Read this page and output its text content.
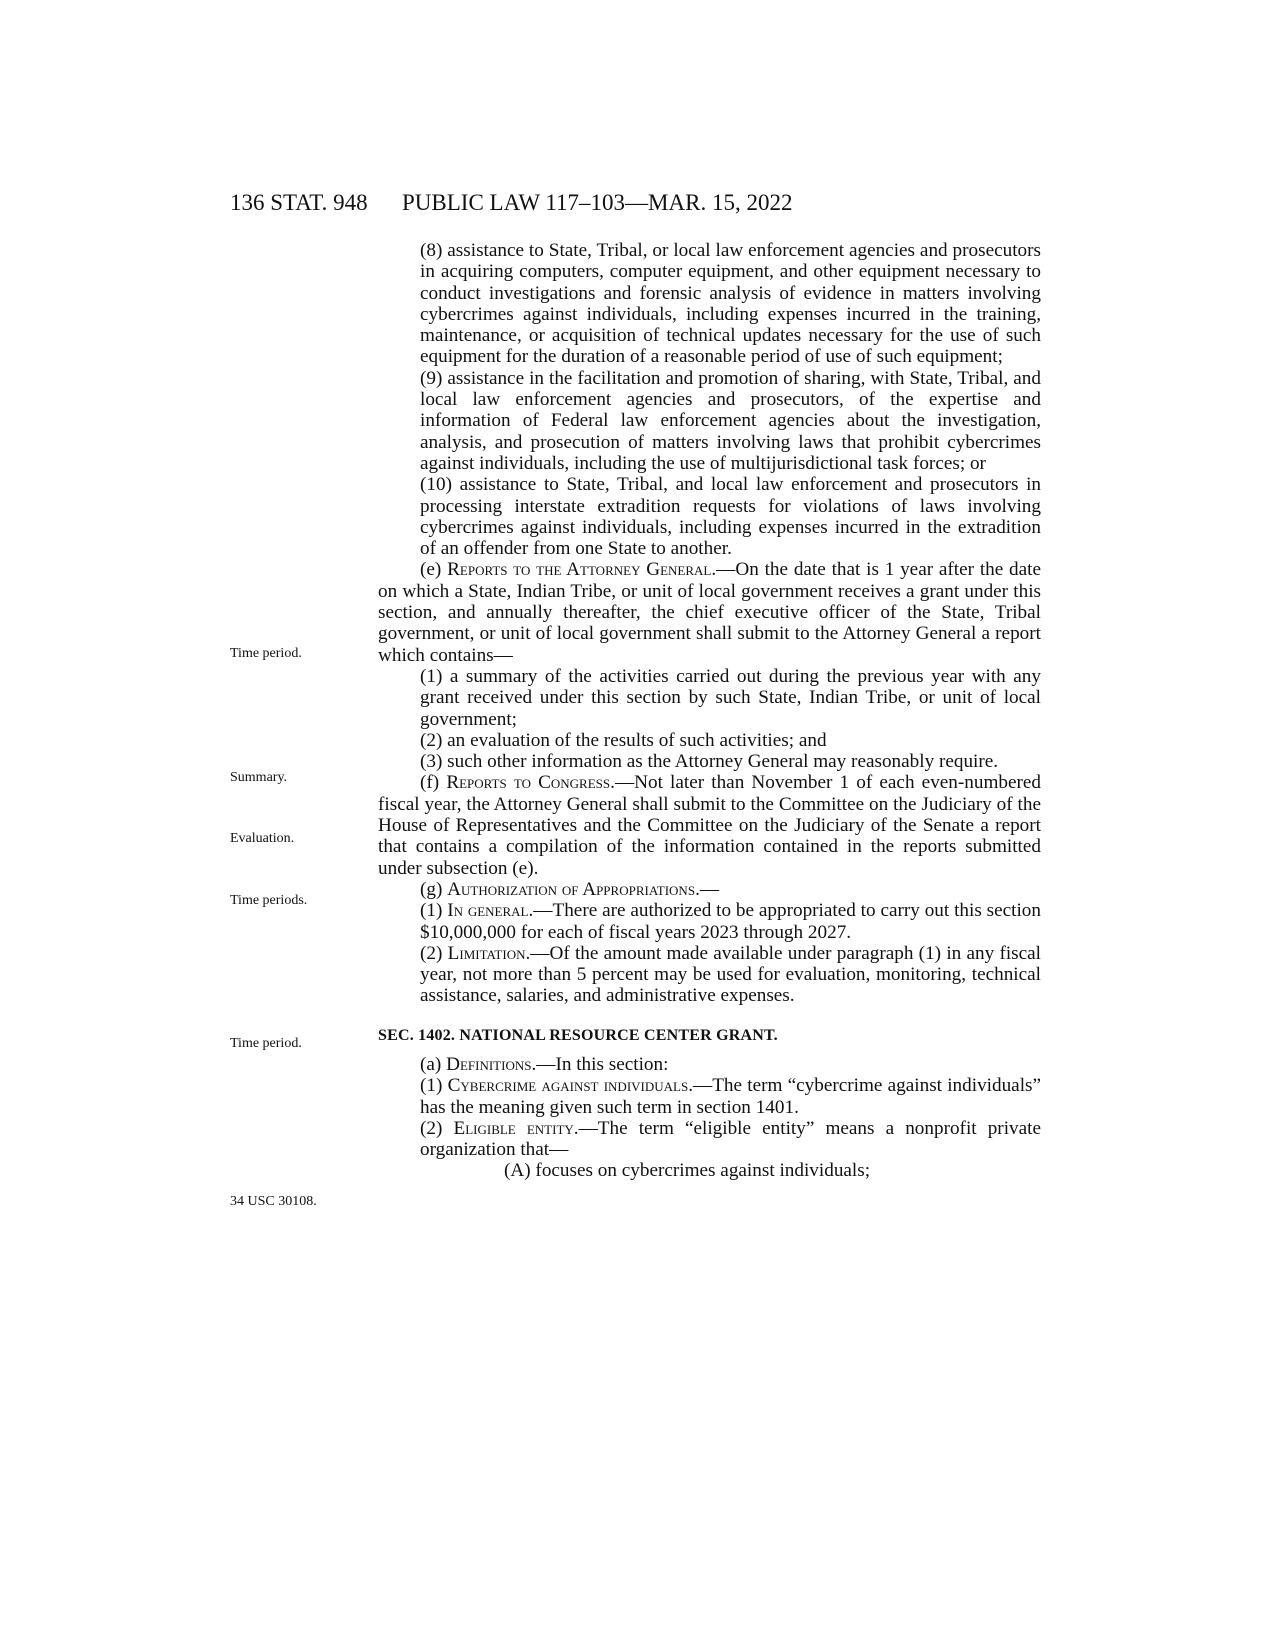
136 STAT. 948 PUBLIC LAW 117–103—MAR. 15, 2022
Time period.
Summary.
Evaluation.
Time periods.
Time period.
34 USC 30108.

(8) assistance to State, Tribal, or local law enforcement agencies and prosecutors in acquiring computers, computer equipment, and other equipment necessary to conduct investigations and forensic analysis of evidence in matters involving cybercrimes against individuals, including expenses incurred in the training, maintenance, or acquisition of technical updates necessary for the use of such equipment for the duration of a reasonable period of use of such equipment;

(9) assistance in the facilitation and promotion of sharing, with State, Tribal, and local law enforcement agencies and prosecutors, of the expertise and information of Federal law enforcement agencies about the investigation, analysis, and prosecution of matters involving laws that prohibit cybercrimes against individuals, including the use of multijurisdictional task forces; or

(10) assistance to State, Tribal, and local law enforcement and prosecutors in processing interstate extradition requests for violations of laws involving cybercrimes against individuals, including expenses incurred in the extradition of an offender from one State to another.

(e) Reports to the Attorney General.—On the date that is 1 year after the date on which a State, Indian Tribe, or unit of local government receives a grant under this section, and annually thereafter, the chief executive officer of the State, Tribal government, or unit of local government shall submit to the Attorney General a report which contains—

(1) a summary of the activities carried out during the previous year with any grant received under this section by such State, Indian Tribe, or unit of local government;

(2) an evaluation of the results of such activities; and

(3) such other information as the Attorney General may reasonably require.

(f) Reports to Congress.—Not later than November 1 of each even-numbered fiscal year, the Attorney General shall submit to the Committee on the Judiciary of the House of Representatives and the Committee on the Judiciary of the Senate a report that contains a compilation of the information contained in the reports submitted under subsection (e).

(g) Authorization of Appropriations.—

(1) In general.—There are authorized to be appropriated to carry out this section $10,000,000 for each of fiscal years 2023 through 2027.

(2) Limitation.—Of the amount made available under paragraph (1) in any fiscal year, not more than 5 percent may be used for evaluation, monitoring, technical assistance, salaries, and administrative expenses.

SEC. 1402. NATIONAL RESOURCE CENTER GRANT.

(a) Definitions.—In this section:

(1) Cybercrime against individuals.—The term “cybercrime against individuals” has the meaning given such term in section 1401.

(2) Eligible entity.—The term “eligible entity” means a nonprofit private organization that—

(A) focuses on cybercrimes against individuals;
